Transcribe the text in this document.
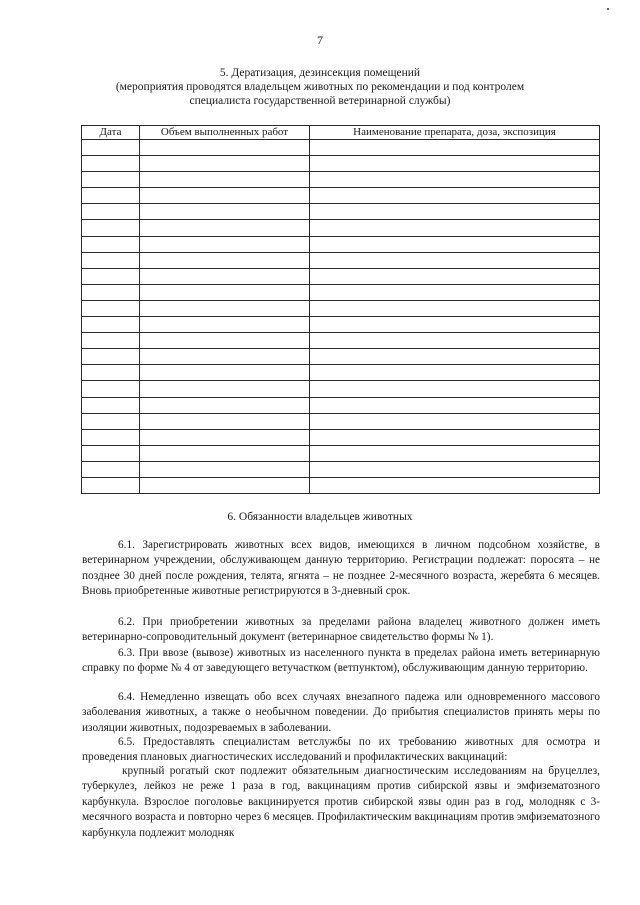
7
5. Дератизация, дезинсекция помещений
(мероприятия проводятся владельцем животных по рекомендации и под контролем
специалиста государственной ветеринарной службы)
Дата	Объем выполненных работ	Наименование препарата, доза, экспозиция

6. Обязанности владельцев животных

6.1. Зарегистрировать животных всех видов, имеющихся в личном подсобном хозяйстве, в ветеринарном учреждении, обслуживающем данную территорию. Регистрации подлежат: поросята – не позднее 30 дней после рождения, телята, ягнята – не позднее 2-месячного возраста, жеребята 6 месяцев. Вновь приобретенные животные регистрируются в 3-дневный срок.

6.2. При приобретении животных за пределами района владелец животного должен иметь ветеринарно-сопроводительный документ (ветеринарное свидетельство формы № 1).

6.3. При ввозе (вывозе) животных из населенного пункта в пределах района иметь ветеринарную справку по форме № 4 от заведующего ветучастком (ветпунктом), обслуживающим данную территорию.

6.4. Немедленно извещать обо всех случаях внезапного падежа или одновременного массового заболевания животных, а также о необычном поведении. До прибытия специалистов принять меры по изоляции животных, подозреваемых в заболевании.

6.5. Предоставлять специалистам ветслужбы по их требованию животных для осмотра и проведения плановых диагностических исследований и профилактических вакцинаций:

крупный рогатый скот подлежит обязательным диагностическим исследованиям на бруцеллез, туберкулез, лейкоз не реже 1 раза в год, вакцинациям против сибирской язвы и эмфизематозного карбункула. Взрослое поголовье вакцинируется против сибирской язвы один раз в год, молодняк с 3-месячного возраста и повторно через 6 месяцев. Профилактическим вакцинациям против эмфизематозного карбункула подлежит молодняк
